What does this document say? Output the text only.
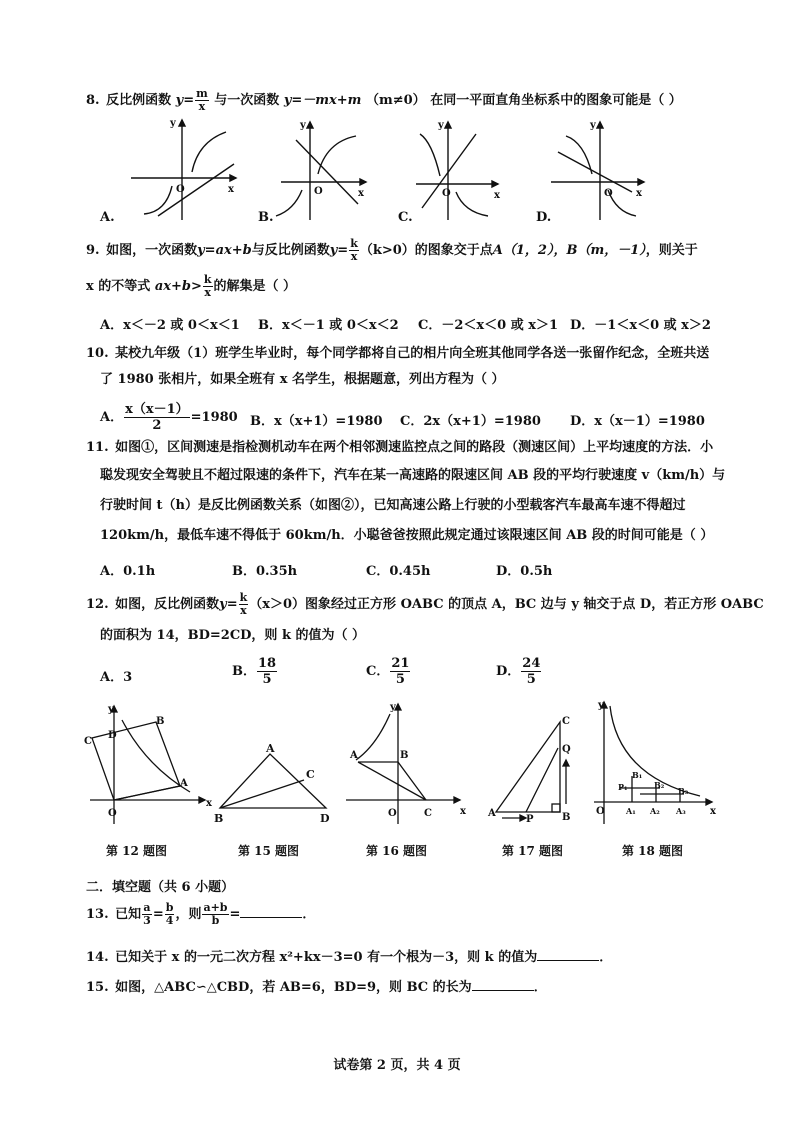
8. 反比例函数 $y= \frac{m}{x}$ 与一次函数 y=－mx+m （m≠0） 在同一平面直角坐标系中的图象可能是（ ）
y
O	x
y
O	x
y
O	x
y
O x
A.	B.	C.	D.
9. 如图，一次函数y=ax+b与反比例函数$y= \frac{k}{x} (k>0)$的图象交于点A（1，2），B（m，－1），则关于
x 的不等式 $ax+b> \frac{k}{x}$ 的解集是（ ）
A．x＜－2 或 0＜x＜1 B．x＜－1 或 0＜x＜2 C．－2＜x＜0 或 x＞1 D．－1＜x＜0 或 x＞2
10. 某校九年级（1）班学生毕业时，每个同学都将自己的相片向全班其他同学各送一张留作纪念，全班共送
了 1980 张相片，如果全班有 x 名学生，根据题意，列出方程为（ ）
A． $\frac{x(x-1)}{2} =1980$ B．x（x+1）=1980 C．2x（x+1）=1980 D．x（x－1）=1980
11. 如图①，区间测速是指检测机动车在两个相邻测速监控点之间的路段（测速区间）上平均速度的方法．小
聪发现安全驾驶且不超过限速的条件下，汽车在某一高速路的限速区间 AB 段的平均行驶速度 v（km/h）与
行驶时间 t（h）是反比例函数关系（如图②），已知高速公路上行驶的小型载客汽车最高车速不得超过
120km/h，最低车速不得低于 60km/h．小聪爸爸按照此规定通过该限速区间 AB 段的时间可能是（ ）
A．0.1h	B．0.35h	C．0.45h	D．0.5h
12. 如图，反比例函数$y= \frac{k}{x} (x>0)$图象经过正方形 OABC 的顶点 A，BC 边与 y 轴交于点 D，若正方形 OABC
的面积为 14，BD=2CD，则 k 的值为（ ）
A．3	B． $\frac{18}{5}$	C． $\frac{21}{5}$	D． $\frac{24}{5}$
y
O
x
C
D
B
A
A
C
B	D
y
A	B
O	C	x A
C
Q
B
P
y
O	x
B₁
B₂
B₃
P₁
A₁ A₂ A₃
第 12 题图	第 15 题图	第 16 题图	第 17 题图	第 18 题图
二．填空题（共 6 小题）
13. 已知 $\frac{a}{3} = \frac{b}{4}$ ，则 $\frac{a+b}{b}$ =	．
14. 已知关于 x 的一元二次方程 x²+kx－3=0 有一个根为－3，则 k 的值为	．
15. 如图，△ABC∽△CBD，若 AB=6，BD=9，则 BC 的长为	．
试卷第 2 页，共 4 页
